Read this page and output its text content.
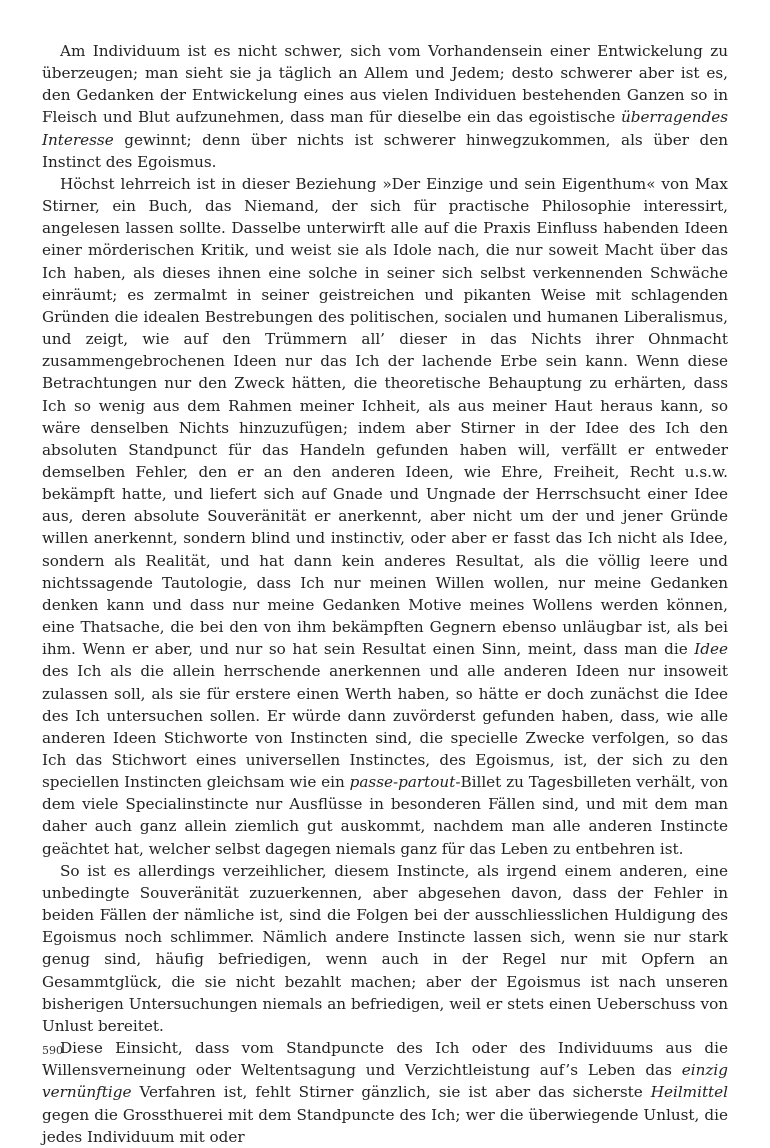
Am Individuum ist es nicht schwer, sich vom Vorhandensein einer Entwickelung zu überzeugen; man sieht sie ja täglich an Allem und Jedem; desto schwerer aber ist es, den Gedanken der Entwickelung eines aus vielen Individuen bestehenden Ganzen so in Fleisch und Blut aufzunehmen, dass man für dieselbe ein das egoistische überragendes Interesse gewinnt; denn über nichts ist schwerer hinwegzukommen, als über den Instinct des Egoismus.

Höchst lehrreich ist in dieser Beziehung »Der Einzige und sein Eigenthum« von Max Stirner, ein Buch, das Niemand, der sich für practische Philosophie interessirt, angelesen lassen sollte. Dasselbe unterwirft alle auf die Praxis Einfluss habenden Ideen einer mörderischen Kritik, und weist sie als Idole nach, die nur soweit Macht über das Ich haben, als dieses ihnen eine solche in seiner sich selbst verkennenden Schwäche einräumt; es zermalmt in seiner geistreichen und pikanten Weise mit schlagenden Gründen die idealen Bestrebungen des politischen, socialen und humanen Liberalismus, und zeigt, wie auf den Trümmern all’ dieser in das Nichts ihrer Ohnmacht zusammengebrochenen Ideen nur das Ich der lachende Erbe sein kann. Wenn diese Betrachtungen nur den Zweck hätten, die theoretische Behauptung zu erhärten, dass Ich so wenig aus dem Rahmen meiner Ichheit, als aus meiner Haut heraus kann, so wäre denselben Nichts hinzuzufügen; indem aber Stirner in der Idee des Ich den absoluten Standpunct für das Handeln gefunden haben will, verfällt er entweder demselben Fehler, den er an den anderen Ideen, wie Ehre, Freiheit, Recht u.s.w. bekämpft hatte, und liefert sich auf Gnade und Ungnade der Herrschsucht einer Idee aus, deren absolute Souveränität er anerkennt, aber nicht um der und jener Gründe willen anerkennt, sondern blind und instinctiv, oder aber er fasst das Ich nicht als Idee, sondern als Realität, und hat dann kein anderes Resultat, als die völlig leere und nichtssagende Tautologie, dass Ich nur meinen Willen wollen, nur meine Gedanken denken kann und dass nur meine Gedanken Motive meines Wollens werden können, eine Thatsache, die bei den von ihm bekämpften Gegnern ebenso unläugbar ist, als bei ihm. Wenn er aber, und nur so hat sein Resultat einen Sinn, meint, dass man die Idee des Ich als die allein herrschende anerkennen und alle anderen Ideen nur insoweit zulassen soll, als sie für erstere einen Werth haben, so hätte er doch zunächst die Idee des Ich untersuchen sollen. Er würde dann zuvörderst gefunden haben, dass, wie alle anderen Ideen Stichworte von Instincten sind, die specielle Zwecke verfolgen, so das Ich das Stichwort eines universellen Instinctes, des Egoismus, ist, der sich zu den speciellen Instincten gleichsam wie ein passe-partout-Billet zu Tagesbilleten verhält, von dem viele Specialinstincte nur Ausflüsse in besonderen Fällen sind, und mit dem man daher auch ganz allein ziemlich gut auskommt, nachdem man alle anderen Instincte geächtet hat, welcher selbst dagegen niemals ganz für das Leben zu entbehren ist.

So ist es allerdings verzeihlicher, diesem Instincte, als irgend einem anderen, eine unbedingte Souveränität zuzuerkennen, aber abgesehen davon, dass der Fehler in beiden Fällen der nämliche ist, sind die Folgen bei der ausschliesslichen Huldigung des Egoismus noch schlimmer. Nämlich andere Instincte lassen sich, wenn sie nur stark genug sind, häufig befriedigen, wenn auch in der Regel nur mit Opfern an Gesammtglück, die sie nicht bezahlt machen; aber der Egoismus ist nach unseren bisherigen Untersuchungen niemals an befriedigen, weil er stets einen Ueberschuss von Unlust bereitet.

Diese Einsicht, dass vom Standpuncte des Ich oder des Individuums aus die Willensverneinung oder Weltentsagung und Verzichtleistung auf’s Leben das einzig vernünftige Verfahren ist, fehlt Stirner gänzlich, sie ist aber das sicherste Heilmittel gegen die Grossthuerei mit dem Standpuncte des Ich; wer die überwiegende Unlust, die jedes Individuum mit oder

590
